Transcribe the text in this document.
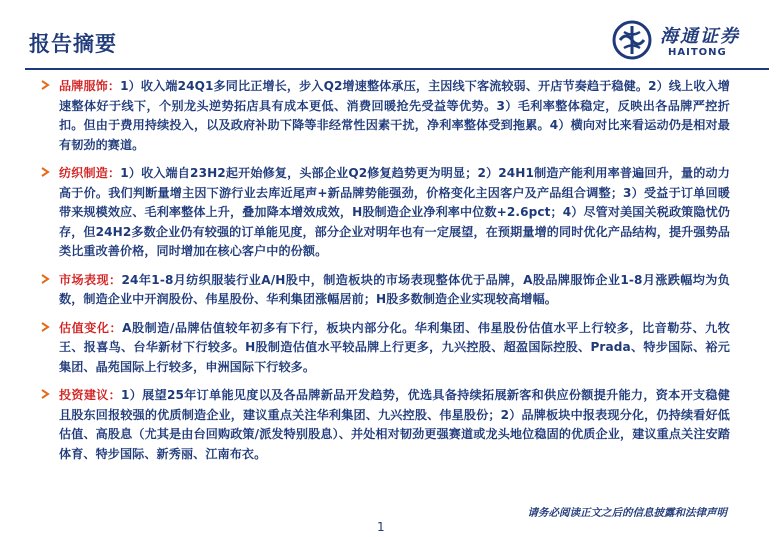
报告摘要	海通证券
HAITONG

品牌服饰：1）收入端24Q1多同比正增长，步入Q2增速整体承压，主因线下客流较弱、开店节奏趋于稳健。2）线上收入增速整体好于线下，个别龙头逆势拓店具有成本更低、消费回暖抢先受益等优势。3）毛利率整体稳定，反映出各品牌严控折扣。但由于费用持续投入，以及政府补助下降等非经常性因素干扰，净利率整体受到拖累。4）横向对比来看运动仍是相对最有韧劲的赛道。

纺织制造：1）收入端自23H2起开始修复，头部企业Q2修复趋势更为明显；2）24H1制造产能利用率普遍回升，量的动力高于价。我们判断量增主因下游行业去库近尾声+新品牌势能强劲，价格变化主因客户及产品组合调整；3）受益于订单回暖带来规模效应、毛利率整体上升，叠加降本增效成效，H股制造企业净利率中位数+2.6pct；4）尽管对美国关税政策隐忧仍存，但24H2多数企业仍有较强的订单能见度，部分企业对明年也有一定展望，在预期量增的同时优化产品结构，提升强势品类比重改善价格，同时增加在核心客户中的份额。

市场表现：24年1-8月纺织服装行业A/H股中，制造板块的市场表现整体优于品牌，A股品牌服饰企业1-8月涨跌幅均为负数，制造企业中开润股份、伟星股份、华利集团涨幅居前；H股多数制造企业实现较高增幅。

估值变化：A股制造/品牌估值较年初多有下行，板块内部分化。华利集团、伟星股份估值水平上行较多，比音勒芬、九牧王、报喜鸟、台华新材下行较多。H股制造估值水平较品牌上行更多，九兴控股、超盈国际控股、Prada、特步国际、裕元集团、晶苑国际上行较多，申洲国际下行较多。

投资建议：1）展望25年订单能见度以及各品牌新品开发趋势，优选具备持续拓展新客和供应份额提升能力，资本开支稳健且股东回报较强的优质制造企业，建议重点关注华利集团、九兴控股、伟星股份；2）品牌板块中报表现分化，仍持续看好低估值、高股息（尤其是由台回购政策/派发特别股息）、并处相对韧劲更强赛道或龙头地位稳固的优质企业，建议重点关注安踏体育、特步国际、新秀丽、江南布衣。

请务必阅读正文之后的信息披露和法律声明
1
